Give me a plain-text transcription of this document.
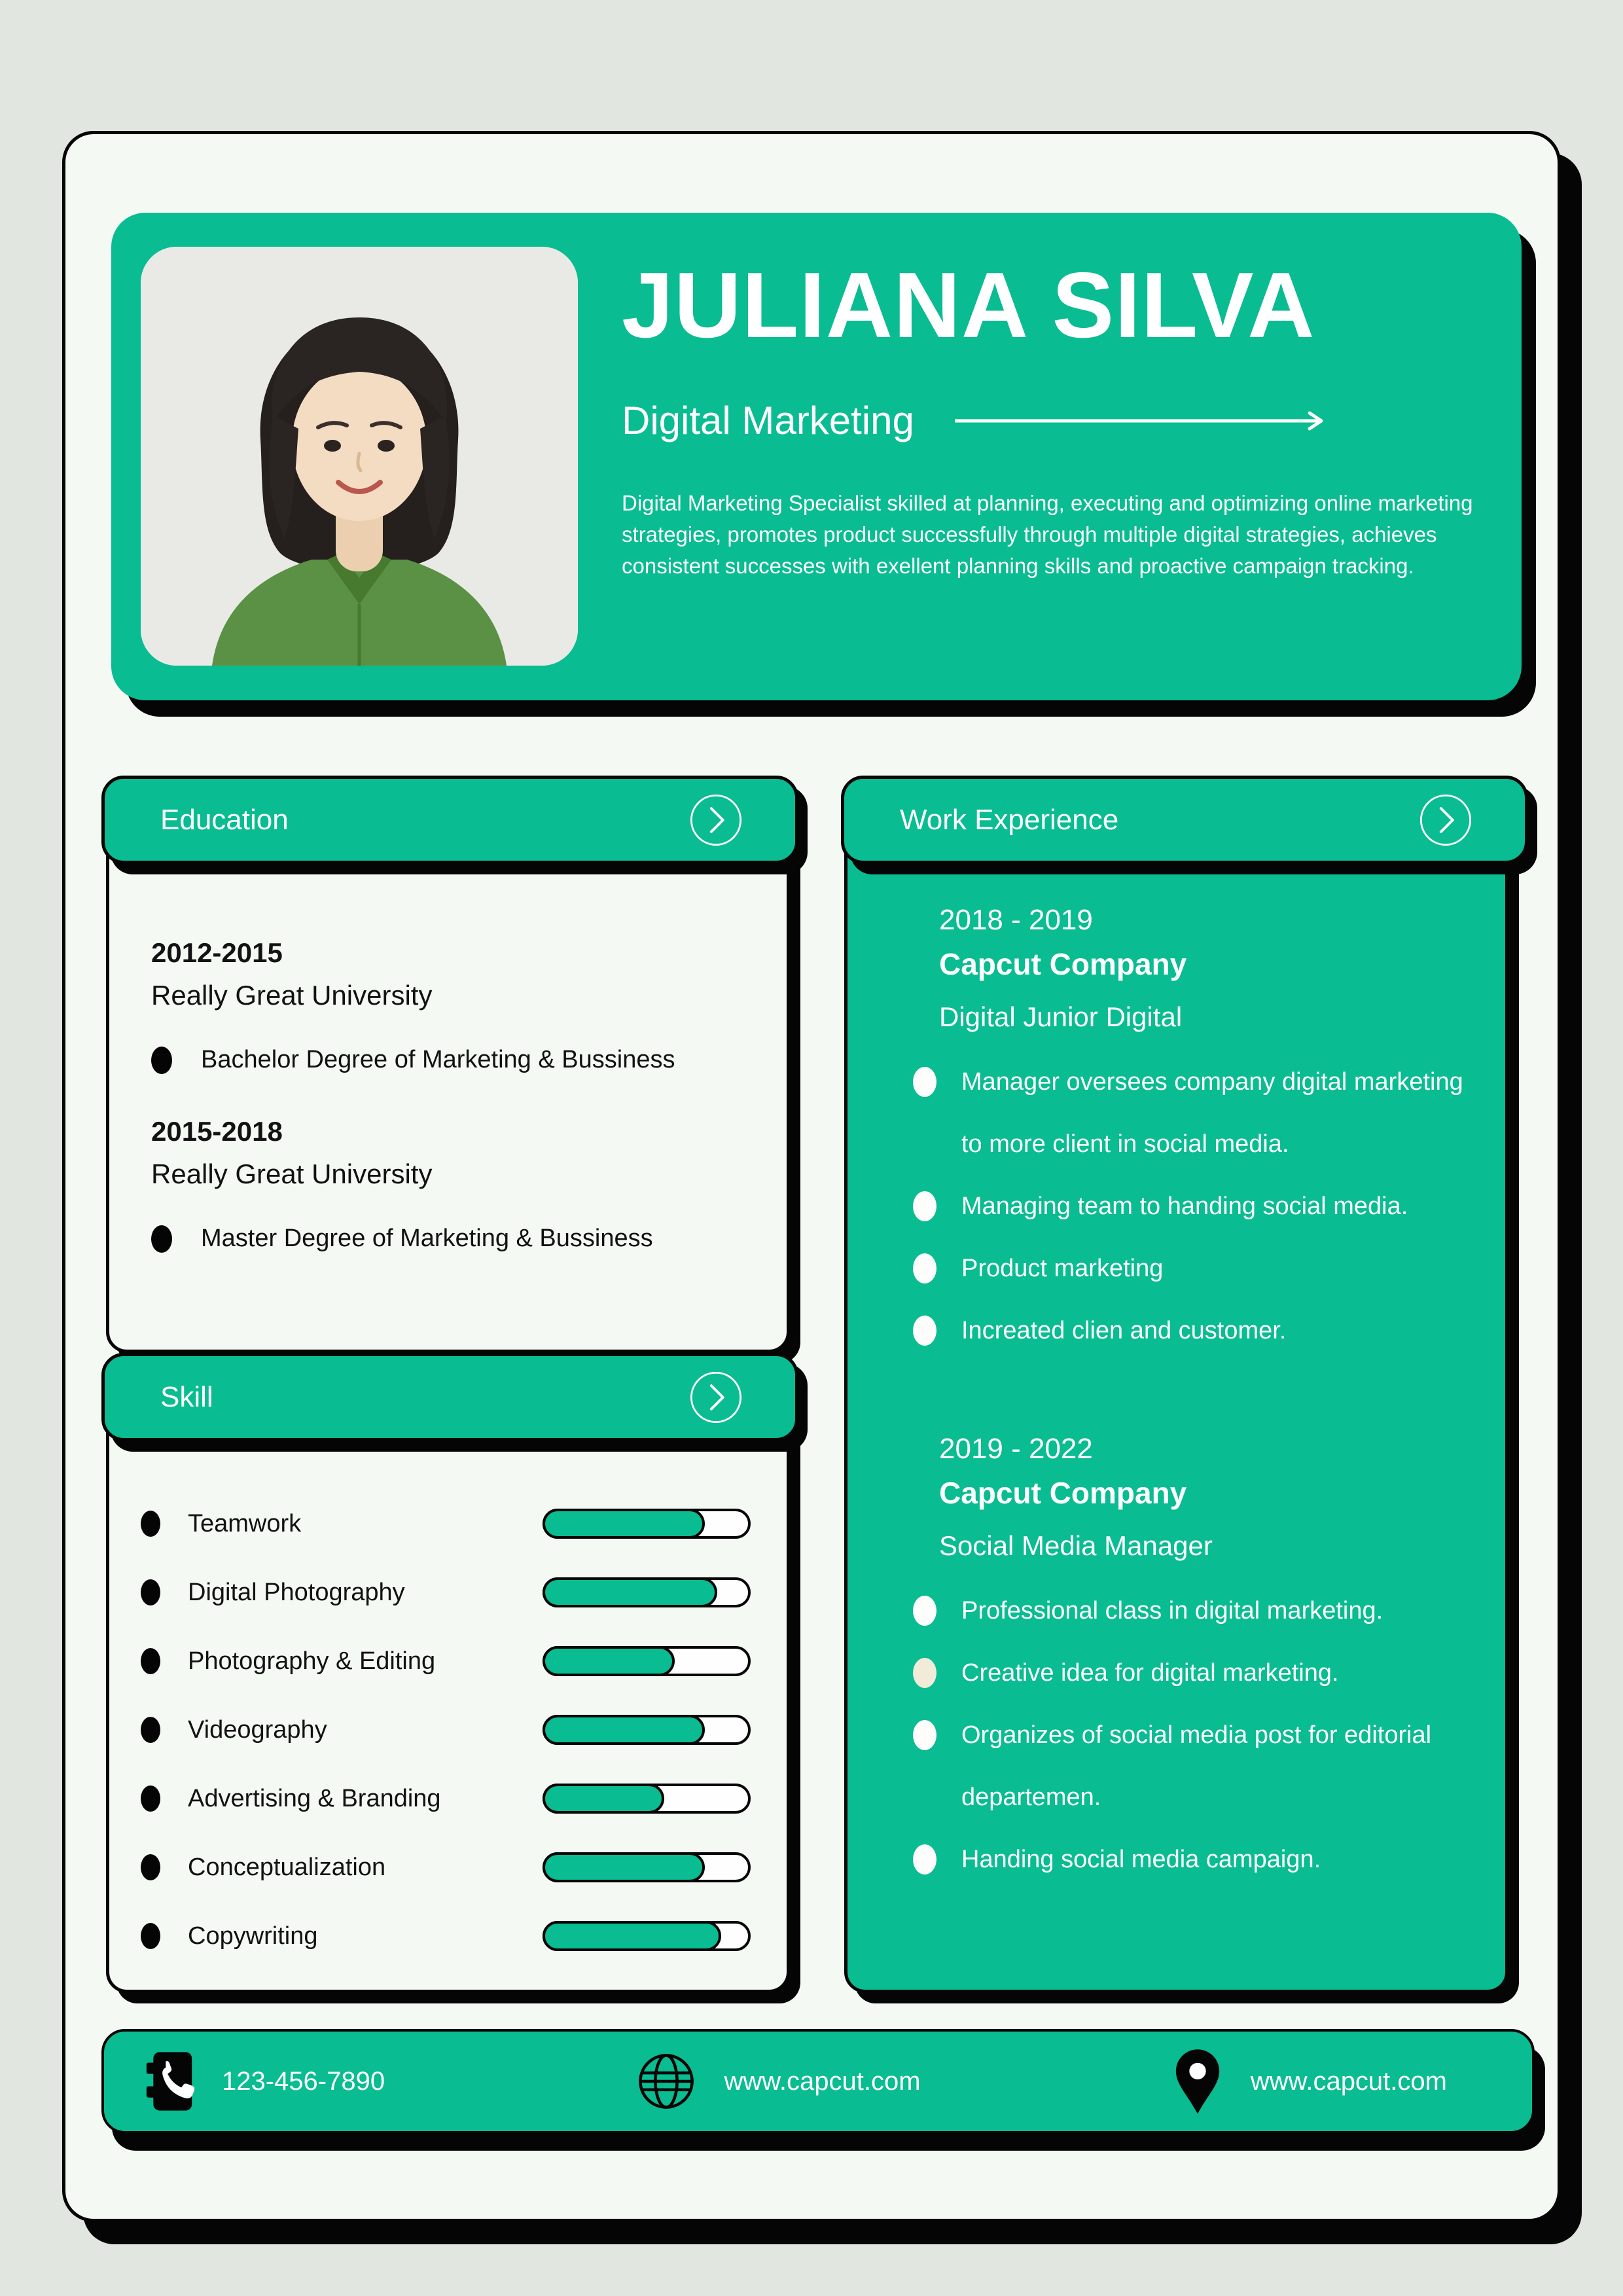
JULIANA SILVA
Digital Marketing

Digital Marketing Specialist skilled at planning, executing and optimizing online marketing strategies, promotes product successfully through multiple digital strategies, achieves consistent successes with exellent planning skills and proactive campaign tracking.

Education
2012-2015
Really Great University
Bachelor Degree of Marketing & Bussiness
2015-2018
Really Great University
Master Degree of Marketing & Bussiness
Skill
Teamwork
Digital Photography
Photography & Editing
Videography
Advertising & Branding
Conceptualization
Copywriting
Work Experience
2018 - 2019
Capcut Company
Digital Junior Digital
Manager oversees company digital marketing to more client in social media.
Managing team to handing social media.
Product marketing
Increated clien and customer.
2019 - 2022
Capcut Company
Social Media Manager
Professional class in digital marketing.
Creative idea for digital marketing.
Organizes of social media post for editorial departemen.
Handing social media campaign.
123-456-7890	www.capcut.com	www.capcut.com
